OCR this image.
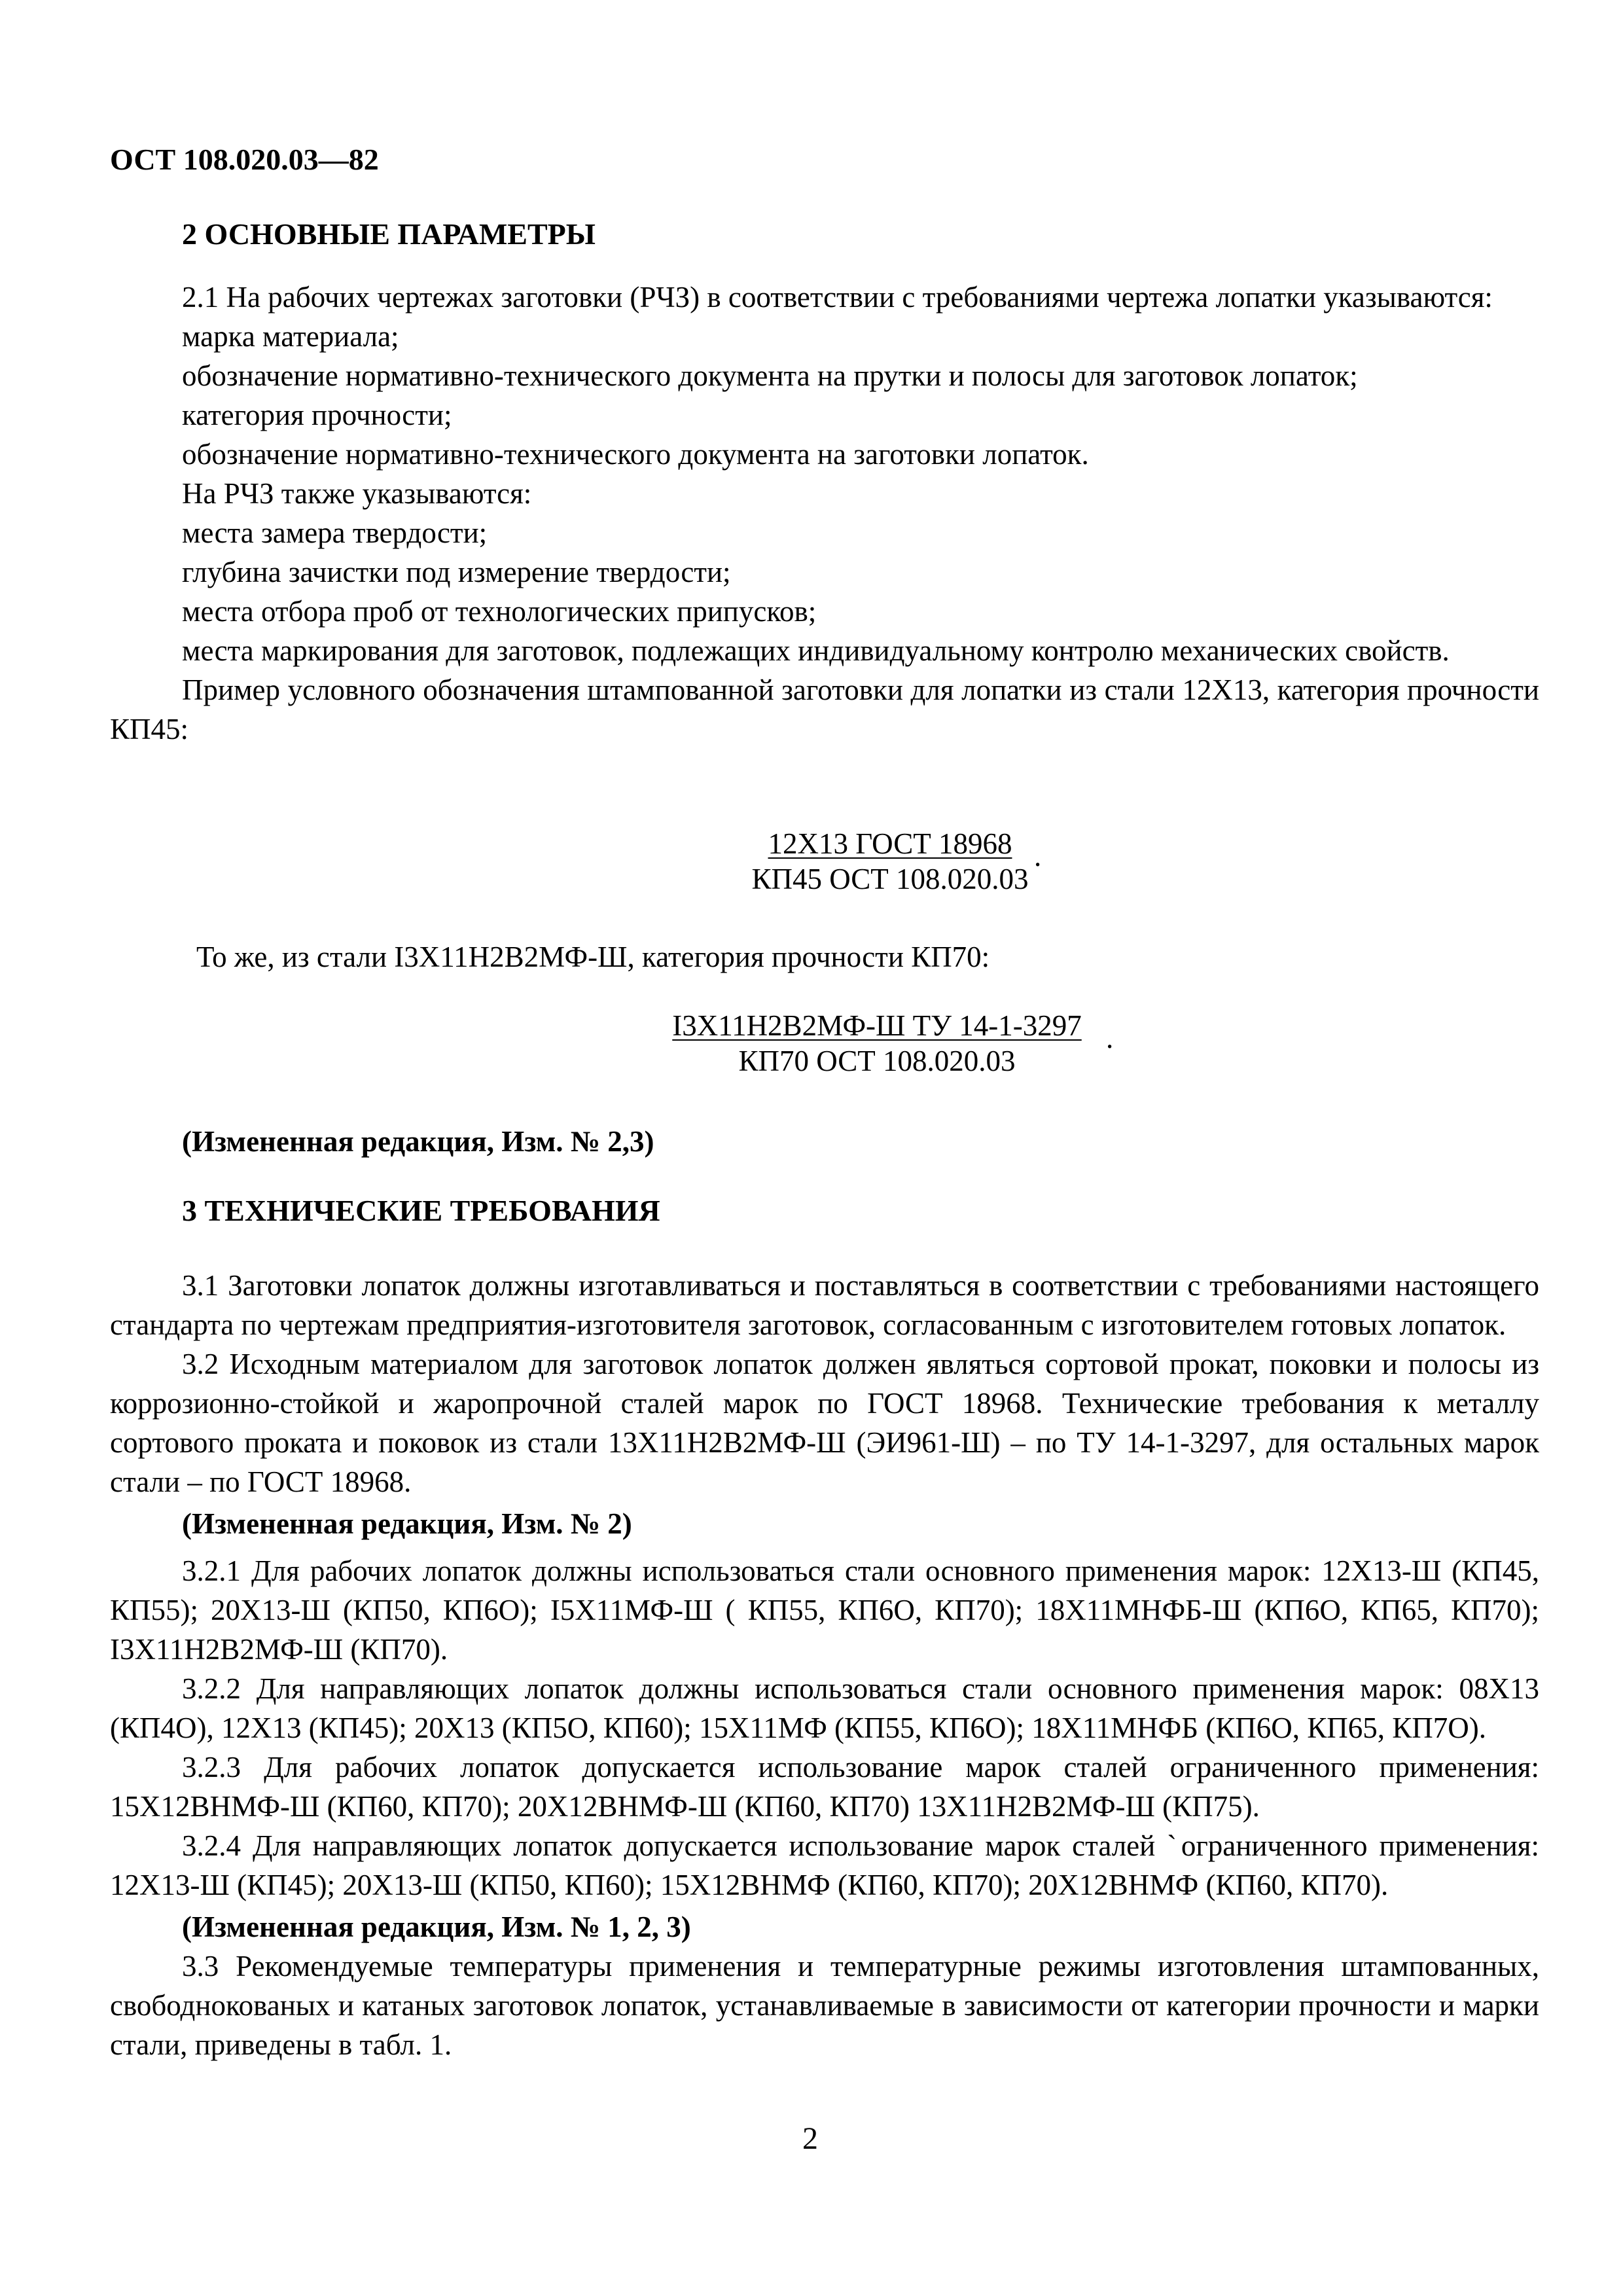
ОСТ 108.020.03—82
2 ОСНОВНЫЕ ПАРАМЕТРЫ

2.1 На рабочих чертежах заготовки (РЧЗ) в соответствии с требованиями чертежа лопатки указываются:

марка материала;

обозначение нормативно-технического документа на прутки и полосы для заготовок лопаток;

категория прочности;

обозначение нормативно-технического документа на заготовки лопаток.

На РЧЗ также указываются:

места замера твердости;

глубина зачистки под измерение твердости;

места отбора проб от технологических припусков;

места маркирования для заготовок, подлежащих индивидуальному контролю механических свойств.

Пример условного обозначения штампованной заготовки для лопатки из стали 12Х13, категория прочности КП45:

12Х13 ГОСТ 18968
КП45 ОСТ 108.020.03
.
То же, из стали І3Х11Н2В2МФ-Ш, категория прочности КП70:
І3Х11Н2В2МФ-Ш ТУ 14-1-3297
КП70 ОСТ 108.020.03
.
(Измененная редакция, Изм. № 2,3)
3 ТЕХНИЧЕСКИЕ ТРЕБОВАНИЯ

3.1 Заготовки лопаток должны изготавливаться и поставляться в соответствии с требованиями настоящего стандарта по чертежам предприятия-изготовителя заготовок, согласованным с изготовителем готовых лопаток.

3.2 Исходным материалом для заготовок лопаток должен являться сортовой прокат, поковки и полосы из коррозионно-стойкой и жаропрочной сталей марок по ГОСТ 18968. Технические требования к металлу сортового проката и поковок из стали 13Х11Н2В2МФ-Ш (ЭИ961-Ш) – по ТУ 14-1-3297, для остальных марок стали – по ГОСТ 18968.

(Измененная редакция, Изм. № 2)

3.2.1 Для рабочих лопаток должны использоваться стали основного применения марок: 12Х13-Ш (КП45, КП55); 20Х13-Ш (КП50, КП6О); І5Х11МФ-Ш ( КП55, КП6О, КП70); 18Х11МНФБ-Ш (КП6О, КП65, КП70); І3Х11Н2В2МФ-Ш (КП70).

3.2.2 Для направляющих лопаток должны использоваться стали основного применения марок: 08Х13 (КП4О), 12Х13 (КП45); 20Х13 (КП5О, КП60); 15Х11МФ (КП55, КП6О); 18Х11МНФБ (КП6О, КП65, КП7О).

3.2.3 Для рабочих лопаток допускается использование марок сталей ограниченного применения: 15Х12ВНМФ-Ш (КП60, КП70); 20Х12ВНМФ-Ш (КП60, КП70) 13Х11Н2В2МФ-Ш (КП75).

3.2.4 Для направляющих лопаток допускается использование марок сталей ˋограниченного применения: 12Х13-Ш (КП45); 20Х13-Ш (КП50, КП60); 15Х12ВНМФ (КП60, КП70); 20Х12ВНМФ (КП60, КП70).

(Измененная редакция, Изм. № 1, 2, 3)

3.3 Рекомендуемые температуры применения и температурные режимы изготовления штампованных, свободнокованых и катаных заготовок лопаток, устанавливаемые в зависимости от категории прочности и марки стали, приведены в табл. 1.

2
